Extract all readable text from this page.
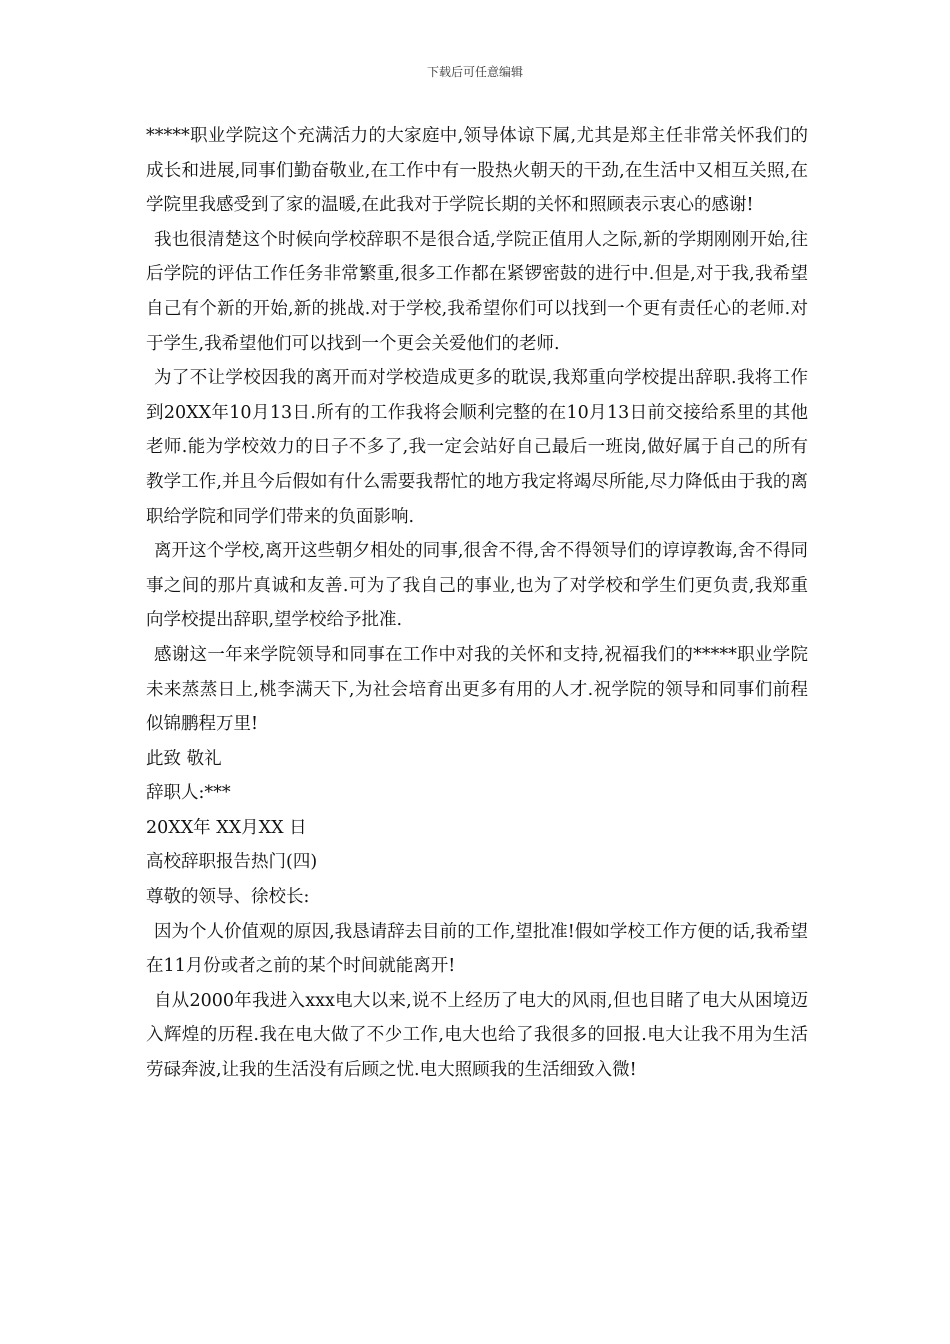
下载后可任意编辑

*****职业学院这个充满活力的大家庭中,领导体谅下属,尤其是郑主任非常关怀我们的成长和进展,同事们勤奋敬业,在工作中有一股热火朝天的干劲,在生活中又相互关照,在学院里我感受到了家的温暖,在此我对于学院长期的关怀和照顾表示衷心的感谢!

我也很清楚这个时候向学校辞职不是很合适,学院正值用人之际,新的学期刚刚开始,往后学院的评估工作任务非常繁重,很多工作都在紧锣密鼓的进行中.但是,对于我,我希望自己有个新的开始,新的挑战.对于学校,我希望你们可以找到一个更有责任心的老师.对于学生,我希望他们可以找到一个更会关爱他们的老师.

为了不让学校因我的离开而对学校造成更多的耽误,我郑重向学校提出辞职.我将工作到20XX年10月13日.所有的工作我将会顺利完整的在10月13日前交接给系里的其他老师.能为学校效力的日子不多了,我一定会站好自己最后一班岗,做好属于自己的所有教学工作,并且今后假如有什么需要我帮忙的地方我定将竭尽所能,尽力降低由于我的离职给学院和同学们带来的负面影响.

离开这个学校,离开这些朝夕相处的同事,很舍不得,舍不得领导们的谆谆教诲,舍不得同事之间的那片真诚和友善.可为了我自己的事业,也为了对学校和学生们更负责,我郑重向学校提出辞职,望学校给予批准.

感谢这一年来学院领导和同事在工作中对我的关怀和支持,祝福我们的*****职业学院未来蒸蒸日上,桃李满天下,为社会培育出更多有用的人才.祝学院的领导和同事们前程似锦鹏程万里!

此致 敬礼

辞职人:***

20XX年 XX月XX 日

高校辞职报告热门(四)

尊敬的领导、徐校长:

因为个人价值观的原因,我恳请辞去目前的工作,望批准!假如学校工作方便的话,我希望在11月份或者之前的某个时间就能离开!

自从2000年我进入xxx电大以来,说不上经历了电大的风雨,但也目睹了电大从困境迈入辉煌的历程.我在电大做了不少工作,电大也给了我很多的回报.电大让我不用为生活劳碌奔波,让我的生活没有后顾之忧.电大照顾我的生活细致入微!
